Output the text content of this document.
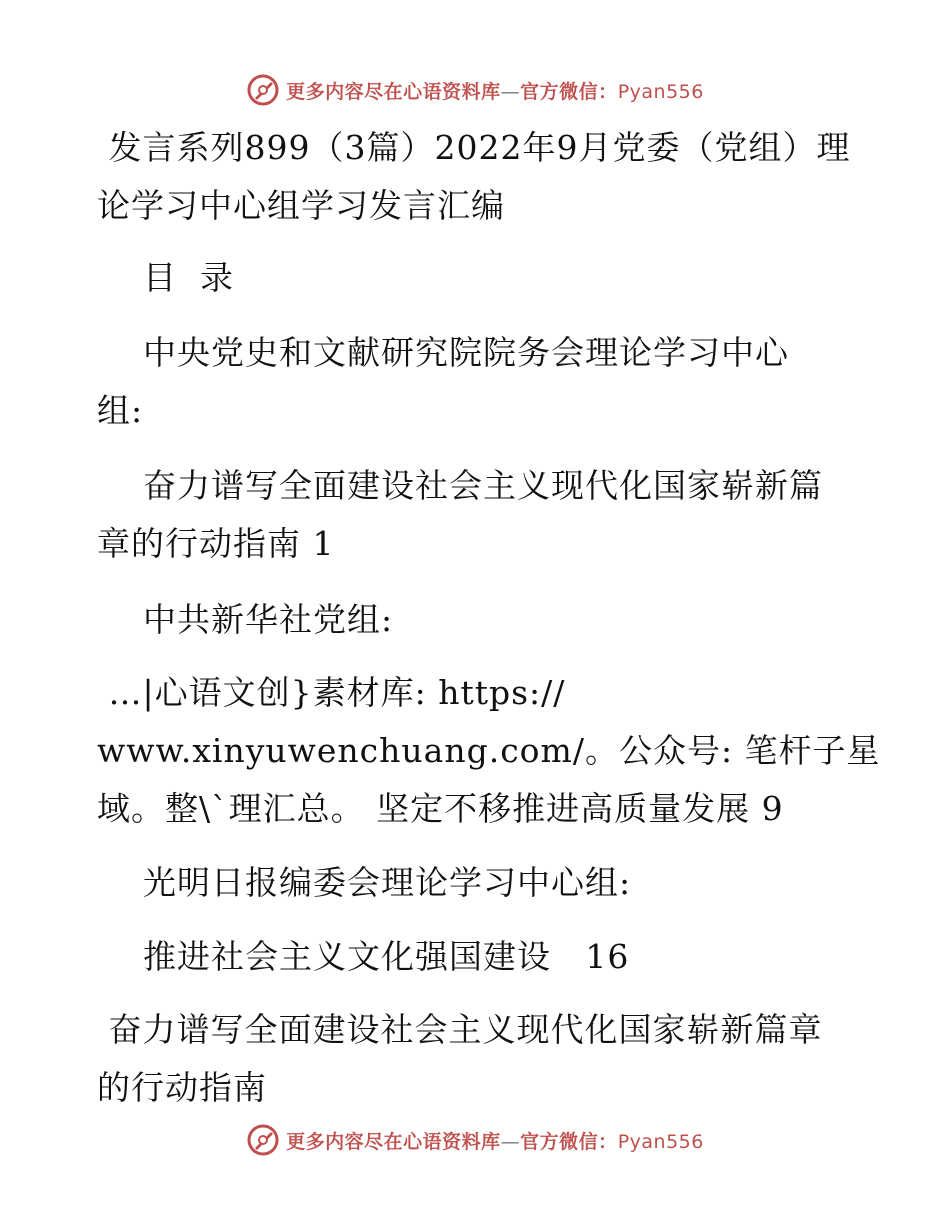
更多内容尽在心语资料库—官方微信：Pyan556
发言系列899（3篇）2022年9月党委（党组）理
论学习中心组学习发言汇编
目  录
中央党史和文献研究院院务会理论学习中心
组:
奋力谱写全面建设社会主义现代化国家崭新篇
章的行动指南 1
中共新华社党组:
…|心语文创}素材库: https://
www.xinyuwenchuang.com/。公众号: 笔杆子星
域。整\`理汇总。 坚定不移推进高质量发展 9
光明日报编委会理论学习中心组:
推进社会主义文化强国建设   16
奋力谱写全面建设社会主义现代化国家崭新篇章
的行动指南
更多内容尽在心语资料库—官方微信：Pyan556
